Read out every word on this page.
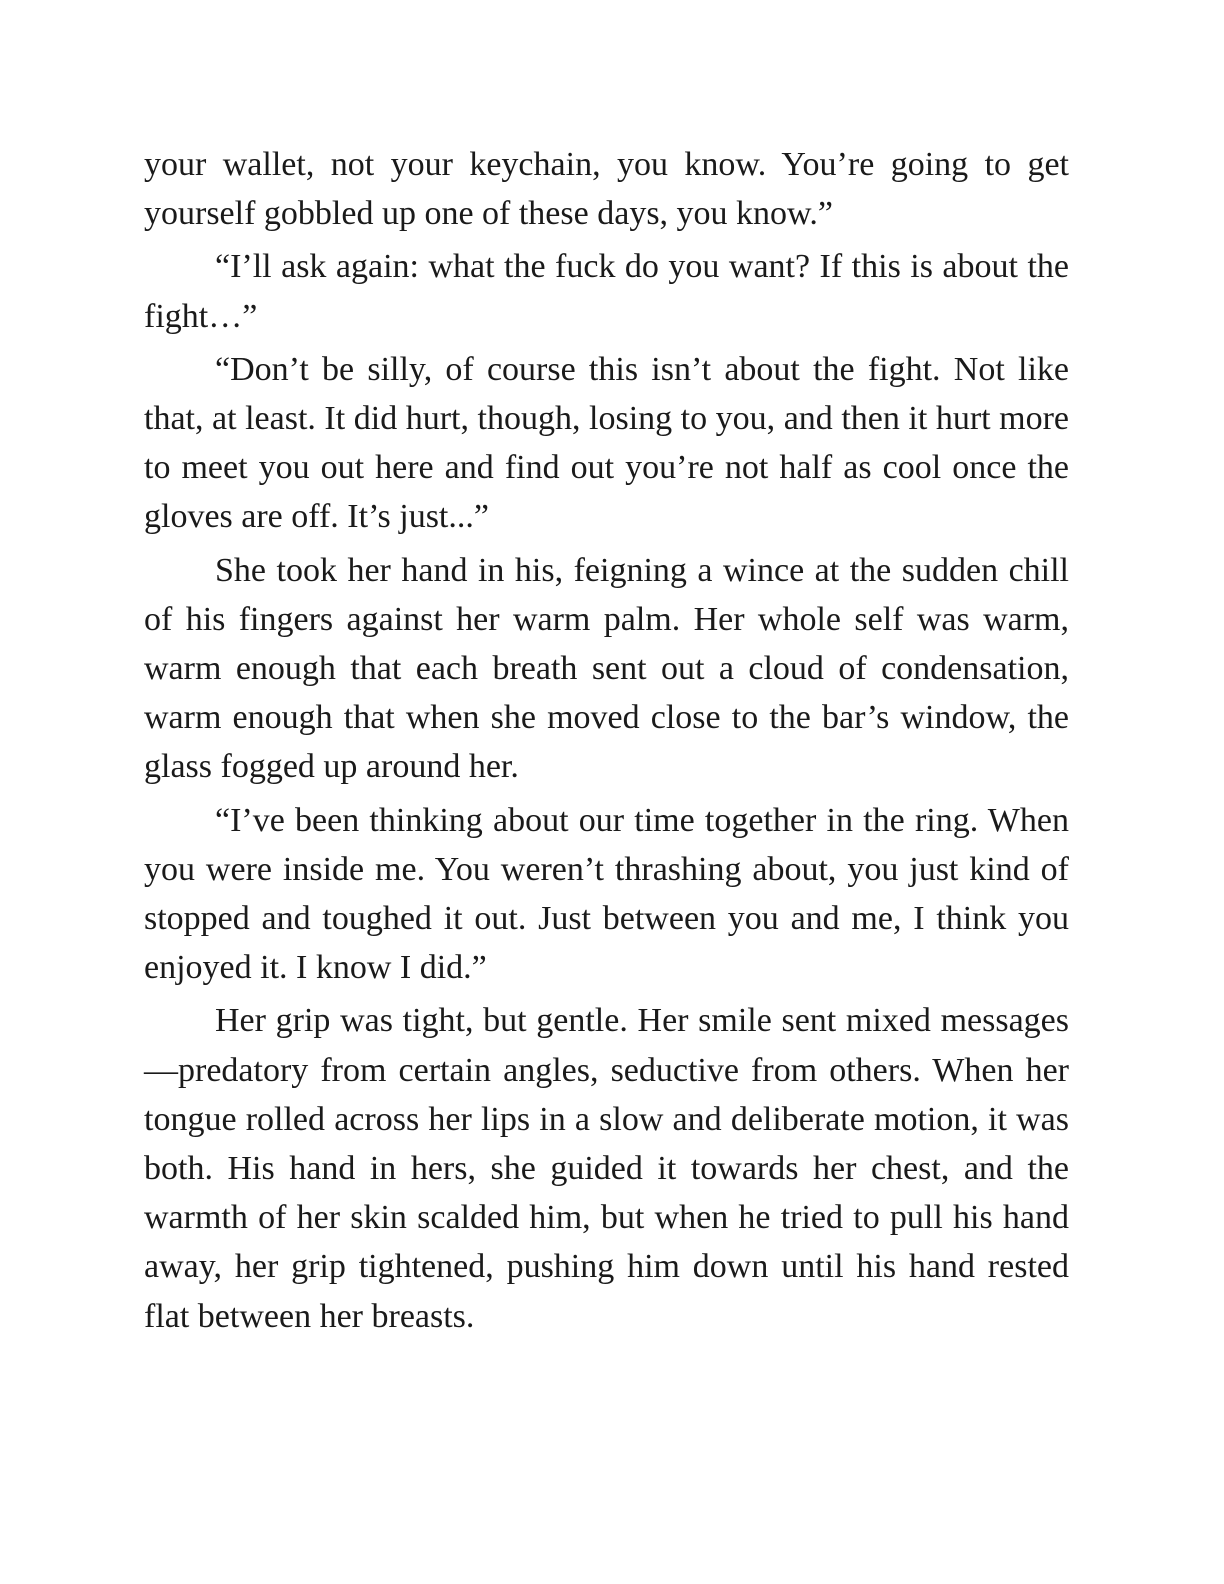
your wallet, not your keychain, you know. You’re going to get yourself gobbled up one of these days, you know.”

“I’ll ask again: what the fuck do you want? If this is about the fight…”

“Don’t be silly, of course this isn’t about the fight. Not like that, at least. It did hurt, though, losing to you, and then it hurt more to meet you out here and find out you’re not half as cool once the gloves are off. It’s just...”

She took her hand in his, feigning a wince at the sudden chill of his fingers against her warm palm. Her whole self was warm, warm enough that each breath sent out a cloud of condensation, warm enough that when she moved close to the bar’s window, the glass fogged up around her.

“I’ve been thinking about our time together in the ring. When you were inside me. You weren’t thrashing about, you just kind of stopped and toughed it out. Just between you and me, I think you enjoyed it. I know I did.”

Her grip was tight, but gentle. Her smile sent mixed messages—predatory from certain angles, seductive from others. When her tongue rolled across her lips in a slow and deliberate motion, it was both. His hand in hers, she guided it towards her chest, and the warmth of her skin scalded him, but when he tried to pull his hand away, her grip tightened, pushing him down until his hand rested flat between her breasts.
